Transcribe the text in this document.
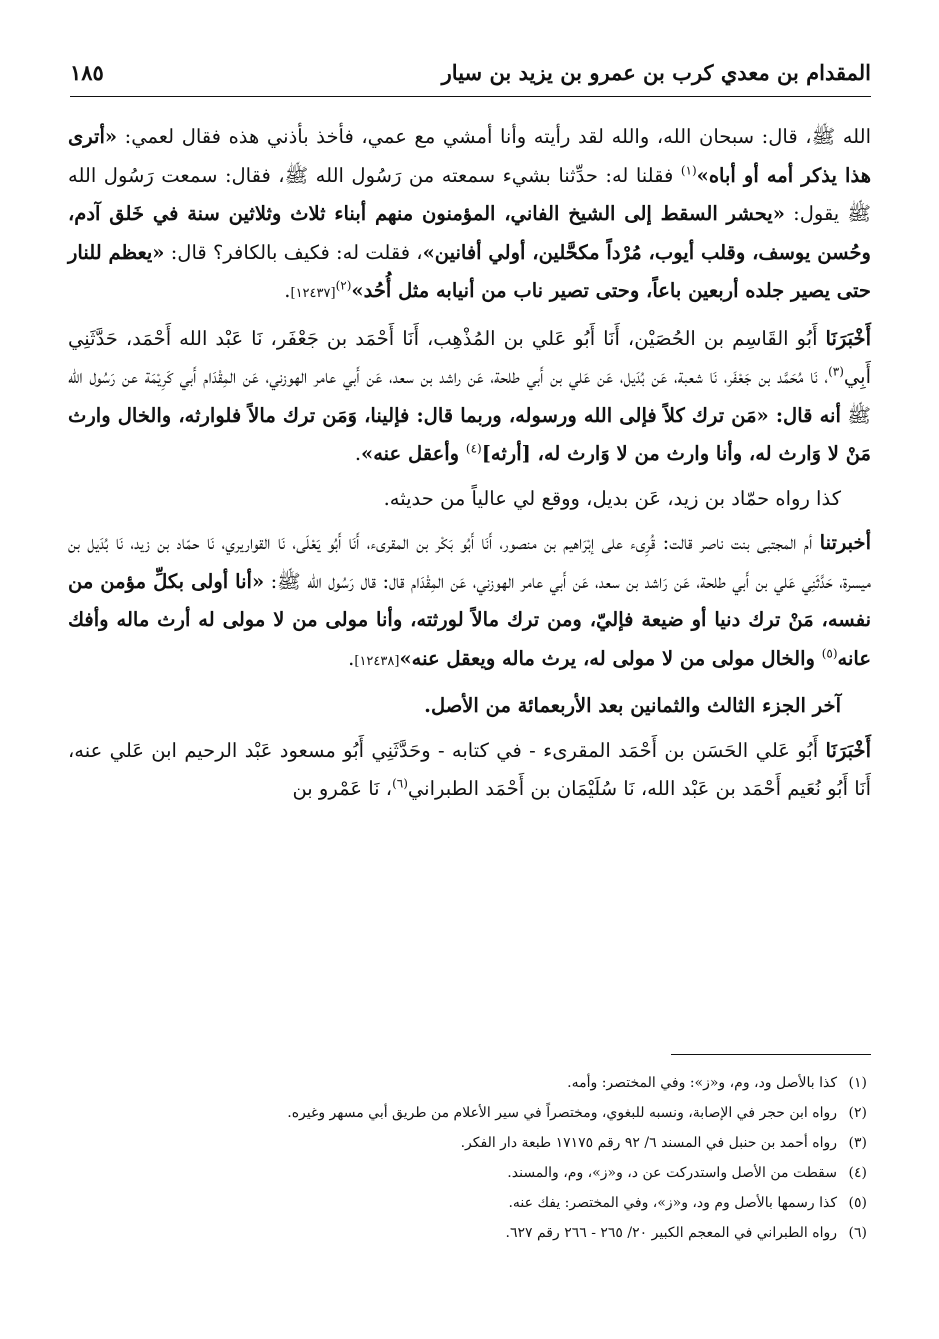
المقدام بن معدي كرب بن عمرو بن يزيد بن سيار
١٨٥

الله ﷺ، قال: سبحان الله، والله لقد رأيته وأنا أمشي مع عمي، فأخذ بأذني هذه فقال لعمي: «أترى هذا يذكر أمه أو أباه»$^{(١)}$ فقلنا له: حدِّثنا بشيء سمعته من رَسُول الله ﷺ، فقال: سمعت رَسُول الله ﷺ يقول: «يحشر السقط إلى الشيخ الفاني، المؤمنون منهم أبناء ثلاث وثلاثين سنة في خَلق آدم، وحُسن يوسف، وقلب أيوب، مُرْداً مكحَّلين، أولي أفانين»، فقلت له: فكيف بالكافر؟ قال: «يعظم للنار حتى يصير جلده أربعين باعاً، وحتى تصير ناب من أنيابه مثل أُحُد»$^{(٢)}$[١٢٤٣٧].

أَخْبَرَنَا أَبُو القَاسِم بن الحُصَيْن، أَنَا أَبُو عَلي بن المُذْهِب، أَنَا أَحْمَد بن جَعْفَر، نَا عَبْد الله أَحْمَد، حَدَّثَنِي أَبِي$^{(٣)}$، نَا مُحَمَّد بن جَعْفَر، نَا شعبة، عَن بُدَيل، عَن عَلي بن أَبي طلحة، عَن راشد بن سعد، عَن أَبي عامر الهوزني، عَن المِقْدَام أَبي كَرِيْمَة عن رَسُول الله ﷺ أنه قال: «مَن ترك كلاً فإلى الله ورسوله، وربما قال: فإلينا، وَمَن ترك مالاً فلوارثه، والخال وارث مَنْ لا وَارث له، وأنا وارث من لا وَارث له، [أرثه]$^{(٤)}$ وأعقل عنه».

كذا رواه حمّاد بن زيد، عَن بديل، ووقع لي عالياً من حديثه.

أخبرتنا أم المجتبى بنت ناصر قالت: قُرِىء على إبْرَاهيم بن منصور، أَنَا أَبُو بَكْر بن المقرىء، أَنَا أَبُو يَعْلَى، نَا القواريري، نَا حمّاد بن زيد، نَا بُدَيل بن ميسرة، حَدَّثَنِي عَلي بن أَبي طلحة، عَن رَاشد بن سعد، عَن أَبي عامر الهوزني، عَن المِقْدَام قال: قال رَسُول الله ﷺ: «أنا أولى بكلِّ مؤمن من نفسه، مَنْ ترك دنيا أو ضيعة فإليّ، ومن ترك مالاً لورثته، وأنا مولى من لا مولى له أرث ماله وأفك عانه$^{(٥)}$ والخال مولى من لا مولى له، يرث ماله ويعقل عنه»[١٢٤٣٨].

آخر الجزء الثالث والثمانين بعد الأربعمائة من الأصل.

أَخْبَرَنَا أَبُو عَلي الحَسَن بن أَحْمَد المقرىء - في كتابه - وحَدَّثَنِي أَبُو مسعود عَبْد الرحيم ابن عَلي عنه، أَنَا أَبُو نُعَيم أَحْمَد بن عَبْد الله، نَا سُلَيْمَان بن أَحْمَد الطبراني$^{(٦)}$، نَا عَمْرو بن

(١)كذا بالأصل ود، وم، و«ز»: وفي المختصر: وأمه.

(٢)رواه ابن حجر في الإصابة، ونسبه للبغوي، ومختصراً في سير الأعلام من طريق أبي مسهر وغيره.

(٣)رواه أحمد بن حنبل في المسند ٦/ ٩٢ رقم ١٧١٧٥ طبعة دار الفكر.

(٤)سقطت من الأصل واستدركت عن د، و«ز»، وم، والمسند.

(٥)كذا رسمها بالأصل وم ود، و«ز»، وفي المختصر: يفك عنه.

(٦)رواه الطبراني في المعجم الكبير ٢٠/ ٢٦٥ - ٢٦٦ رقم ٦٢٧.
